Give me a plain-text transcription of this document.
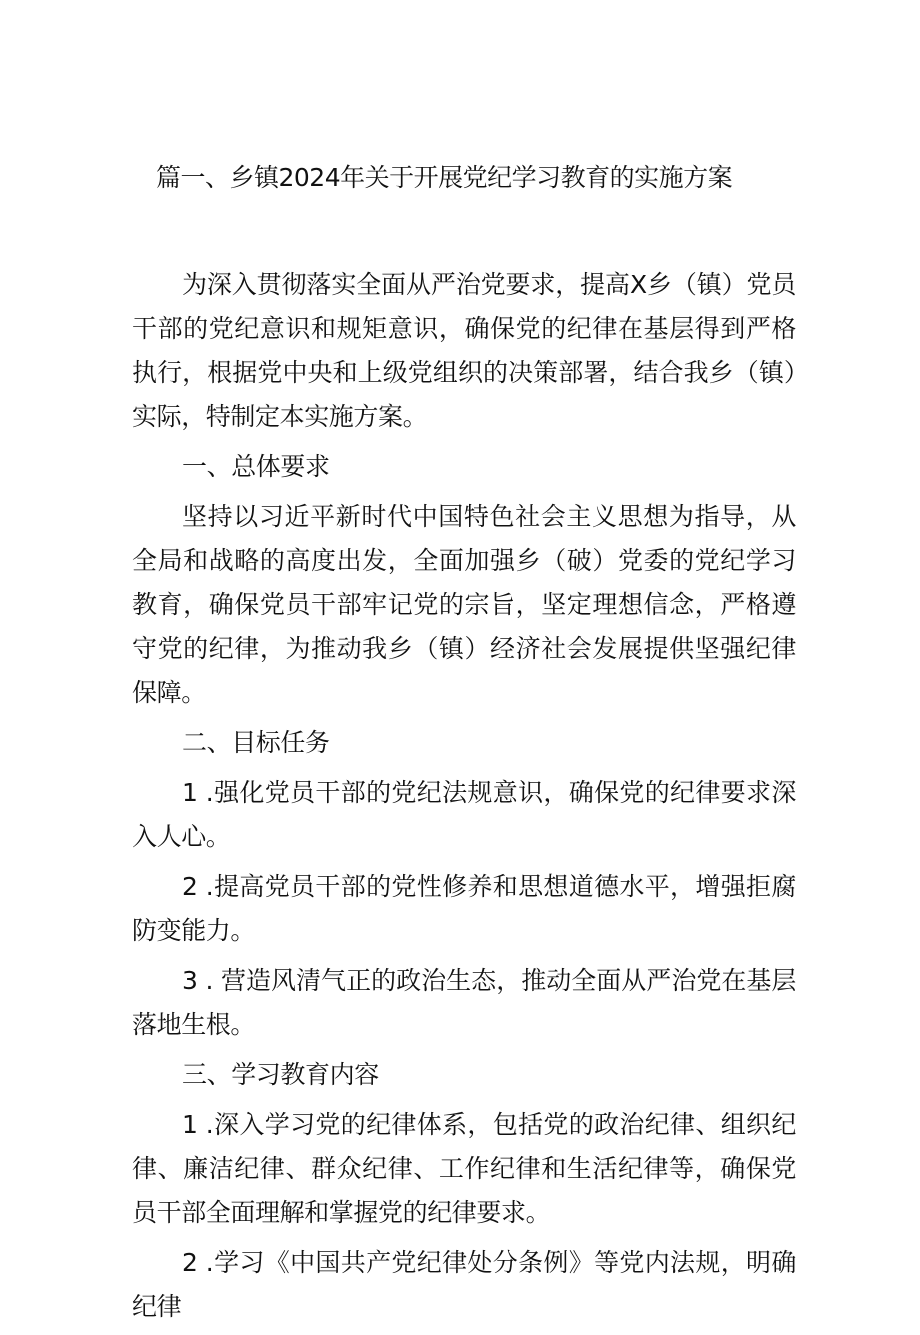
篇一、乡镇2024年关于开展党纪学习教育的实施方案

为深入贯彻落实全面从严治党要求，提高X乡（镇）党员干部的党纪意识和规矩意识，确保党的纪律在基层得到严格执行，根据党中央和上级党组织的决策部署，结合我乡（镇）实际，特制定本实施方案。

一、总体要求

坚持以习近平新时代中国特色社会主义思想为指导，从全局和战略的高度出发，全面加强乡（破）党委的党纪学习教育，确保党员干部牢记党的宗旨，坚定理想信念，严格遵守党的纪律，为推动我乡（镇）经济社会发展提供坚强纪律保障。

二、目标任务

1 .强化党员干部的党纪法规意识，确保党的纪律要求深入人心。

2 .提高党员干部的党性修养和思想道德水平，增强拒腐防变能力。

3 . 营造风清气正的政治生态，推动全面从严治党在基层落地生根。

三、学习教育内容

1 .深入学习党的纪律体系，包括党的政治纪律、组织纪律、廉洁纪律、群众纪律、工作纪律和生活纪律等，确保党员干部全面理解和掌握党的纪律要求。

2 .学习《中国共产党纪律处分条例》等党内法规，明确纪律
